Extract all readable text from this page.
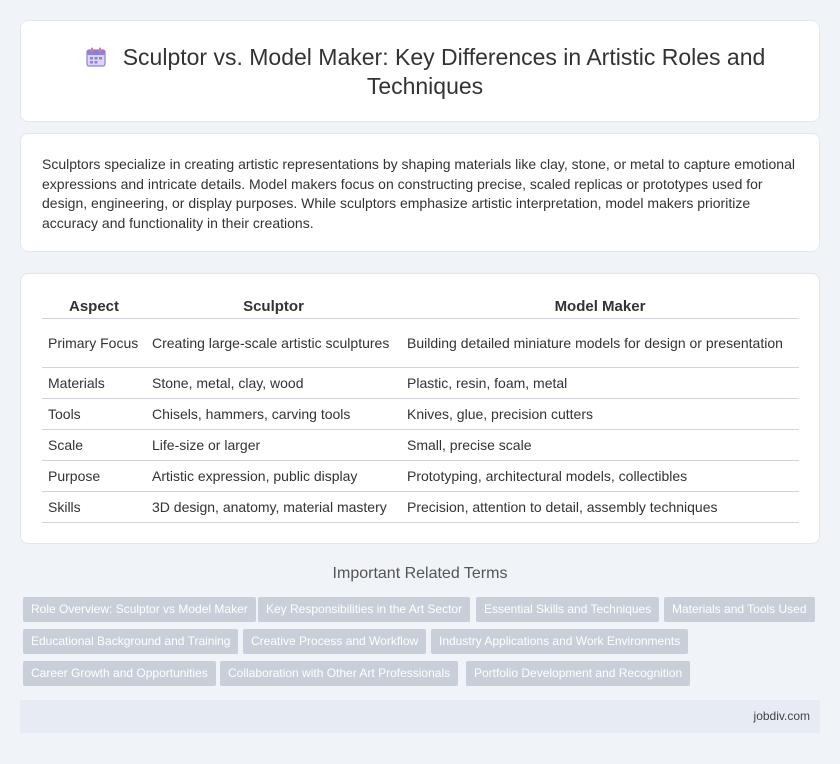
Sculptor vs. Model Maker: Key Differences in Artistic Roles and Techniques

Sculptors specialize in creating artistic representations by shaping materials like clay, stone, or metal to capture emotional expressions and intricate details. Model makers focus on constructing precise, scaled replicas or prototypes used for design, engineering, or display purposes. While sculptors emphasize artistic interpretation, model makers prioritize accuracy and functionality in their creations.

Aspect	Sculptor	Model Maker
Primary Focus	Creating large-scale artistic sculptures	Building detailed miniature models for design or presentation
Materials	Stone, metal, clay, wood	Plastic, resin, foam, metal
Tools	Chisels, hammers, carving tools	Knives, glue, precision cutters
Scale	Life-size or larger	Small, precise scale
Purpose	Artistic expression, public display	Prototyping, architectural models, collectibles
Skills	3D design, anatomy, material mastery	Precision, attention to detail, assembly techniques
Important Related Terms
Role Overview: Sculptor vs Model Maker	Key Responsibilities in the Art Sector	Essential Skills and Techniques	Materials and Tools Used
Educational Background and Training	Creative Process and Workflow	Industry Applications and Work Environments
Career Growth and Opportunities	Collaboration with Other Art Professionals	Portfolio Development and Recognition
jobdiv.com
